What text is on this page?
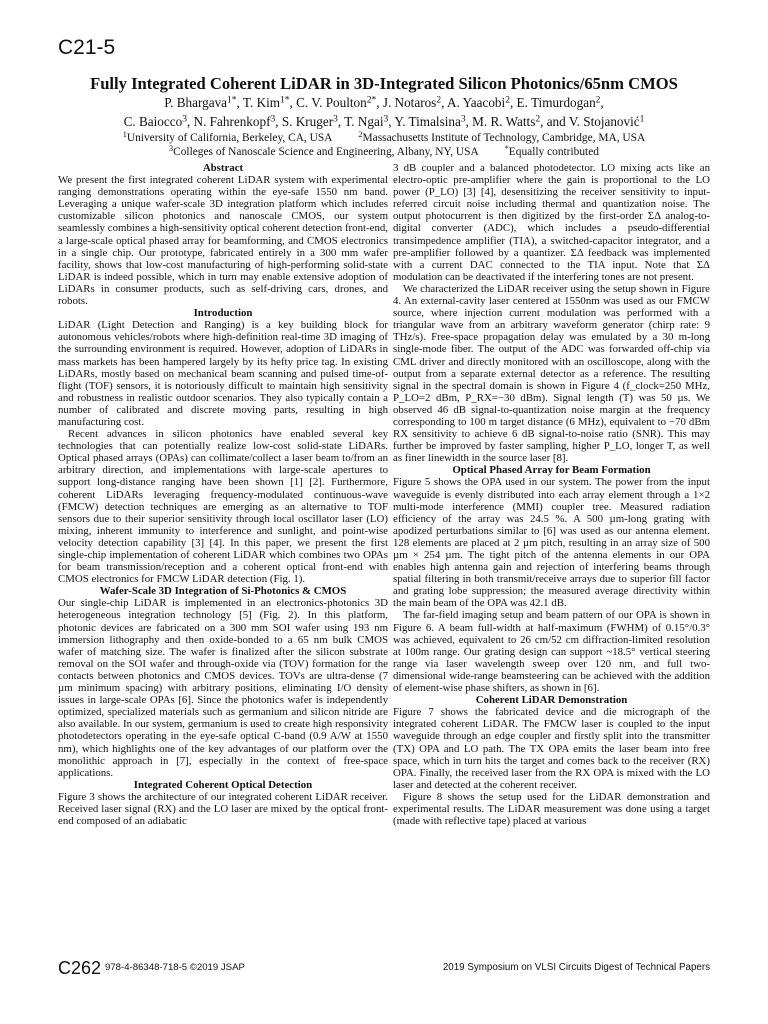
C21-5
Fully Integrated Coherent LiDAR in 3D-Integrated Silicon Photonics/65nm CMOS

P. Bhargava$^{1*}$, T. Kim$^{1*}$, C. V. Poulton$^{2*}$, J. Notaros$^2$, A. Yaacobi$^2$, E. Timurdogan$^2$,

C. Baiocco$^3$, N. Fahrenkopf$^3$, S. Kruger$^3$, T. Ngai$^3$, Y. Timalsina$^3$, M. R. Watts$^2$, and V. Stojanović$^1$

$^1$University of California, Berkeley, CA, USA	$^2$Massachusetts Institute of Technology, Cambridge, MA, USA

$^3$Colleges of Nanoscale Science and Engineering, Albany, NY, USA	*Equally contributed

Abstract

We present the first integrated coherent LiDAR system with experimental ranging demonstrations operating within the eye-safe 1550 nm band. Leveraging a unique wafer-scale 3D integration platform which includes customizable silicon photonics and nanoscale CMOS, our system seamlessly combines a high-sensitivity optical coherent detection front-end, a large-scale optical phased array for beamforming, and CMOS electronics in a single chip. Our prototype, fabricated entirely in a 300 mm wafer facility, shows that low-cost manufacturing of high-performing solid-state LiDAR is indeed possible, which in turn may enable extensive adoption of LiDARs in consumer products, such as self-driving cars, drones, and robots.

Introduction

LiDAR (Light Detection and Ranging) is a key building block for autonomous vehicles/robots where high-definition real-time 3D imaging of the surrounding environment is required. However, adoption of LiDARs in mass markets has been hampered largely by its hefty price tag. In existing LiDARs, mostly based on mechanical beam scanning and pulsed time-of-flight (TOF) sensors, it is notoriously difficult to maintain high sensitivity and robustness in realistic outdoor scenarios. They also typically contain a number of calibrated and discrete moving parts, resulting in high manufacturing cost.

Recent advances in silicon photonics have enabled several key technologies that can potentially realize low-cost solid-state LiDARs. Optical phased arrays (OPAs) can collimate/collect a laser beam to/from an arbitrary direction, and implementations with large-scale apertures to support long-distance ranging have been shown [1] [2]. Furthermore, coherent LiDARs leveraging frequency-modulated continuous-wave (FMCW) detection techniques are emerging as an alternative to TOF sensors due to their superior sensitivity through local oscillator laser (LO) mixing, inherent immunity to interference and sunlight, and point-wise velocity detection capability [3] [4]. In this paper, we present the first single-chip implementation of coherent LiDAR which combines two OPAs for beam transmission/reception and a coherent optical front-end with CMOS electronics for FMCW LiDAR detection (Fig. 1).

Wafer-Scale 3D Integration of Si-Photonics & CMOS

Our single-chip LiDAR is implemented in an electronics-photonics 3D heterogeneous integration technology [5] (Fig. 2). In this platform, photonic devices are fabricated on a 300 mm SOI wafer using 193 nm immersion lithography and then oxide-bonded to a 65 nm bulk CMOS wafer of matching size. The wafer is finalized after the silicon substrate removal on the SOI wafer and through-oxide via (TOV) formation for the contacts between photonics and CMOS devices. TOVs are ultra-dense (7 µm minimum spacing) with arbitrary positions, eliminating I/O density issues in large-scale OPAs [6]. Since the photonics wafer is independently optimized, specialized materials such as germanium and silicon nitride are also available. In our system, germanium is used to create high responsivity photodetectors operating in the eye-safe optical C-band (0.9 A/W at 1550 nm), which highlights one of the key advantages of our platform over the monolithic approach in [7], especially in the context of free-space applications.

Integrated Coherent Optical Detection

Figure 3 shows the architecture of our integrated coherent LiDAR receiver. Received laser signal (RX) and the LO laser are mixed by the optical front-end composed of an adiabatic

3 dB coupler and a balanced photodetector. LO mixing acts like an electro-optic pre-amplifier where the gain is proportional to the LO power (P_LO) [3] [4], desensitizing the receiver sensitivity to input-referred circuit noise including thermal and quantization noise. The output photocurrent is then digitized by the first-order ΣΔ analog-to-digital converter (ADC), which includes a pseudo-differential transimpedence amplifier (TIA), a switched-capacitor integrator, and a pre-amplifier followed by a quantizer. ΣΔ feedback was implemented with a current DAC connected to the TIA input. Note that ΣΔ modulation can be deactivated if the interfering tones are not present.

We characterized the LiDAR receiver using the setup shown in Figure 4. An external-cavity laser centered at 1550nm was used as our FMCW source, where injection current modulation was performed with a triangular wave from an arbitrary waveform generator (chirp rate: 9 THz/s). Free-space propagation delay was emulated by a 30 m-long single-mode fiber. The output of the ADC was forwarded off-chip via CML driver and directly monitored with an oscilloscope, along with the output from a separate external detector as a reference. The resulting signal in the spectral domain is shown in Figure 4 (f_clock=250 MHz, P_LO=2 dBm, P_RX=−30 dBm). Signal length (T) was 50 µs. We observed 46 dB signal-to-quantization noise margin at the frequency corresponding to 100 m target distance (6 MHz), equivalent to −70 dBm RX sensitivity to achieve 6 dB signal-to-noise ratio (SNR). This may further be improved by faster sampling, higher P_LO, longer T, as well as finer linewidth in the source laser [8].

Optical Phased Array for Beam Formation

Figure 5 shows the OPA used in our system. The power from the input waveguide is evenly distributed into each array element through a 1×2 multi-mode interference (MMI) coupler tree. Measured radiation efficiency of the array was 24.5 %. A 500 µm-long grating with apodized perturbations similar to [6] was used as our antenna element. 128 elements are placed at 2 µm pitch, resulting in an array size of 500 µm × 254 µm. The tight pitch of the antenna elements in our OPA enables high antenna gain and rejection of interfering beams through spatial filtering in both transmit/receive arrays due to superior fill factor and grating lobe suppression; the measured average directivity within the main beam of the OPA was 42.1 dB.

The far-field imaging setup and beam pattern of our OPA is shown in Figure 6. A beam full-width at half-maximum (FWHM) of 0.15°/0.3° was achieved, equivalent to 26 cm/52 cm diffraction-limited resolution at 100m range. Our grating design can support ~18.5° vertical steering range via laser wavelength sweep over 120 nm, and full two-dimensional wide-range beamsteering can be achieved with the addition of element-wise phase shifters, as shown in [6].

Coherent LiDAR Demonstration

Figure 7 shows the fabricated device and die micrograph of the integrated coherent LiDAR. The FMCW laser is coupled to the input waveguide through an edge coupler and firstly split into the transmitter (TX) OPA and LO path. The TX OPA emits the laser beam into free space, which in turn hits the target and comes back to the receiver (RX) OPA. Finally, the received laser from the RX OPA is mixed with the LO laser and detected at the coherent receiver.

Figure 8 shows the setup used for the LiDAR demonstration and experimental results. The LiDAR measurement was done using a target (made with reflective tape) placed at various

C262 978-4-86348-718-5 ©2019 JSAP	2019 Symposium on VLSI Circuits Digest of Technical Papers
